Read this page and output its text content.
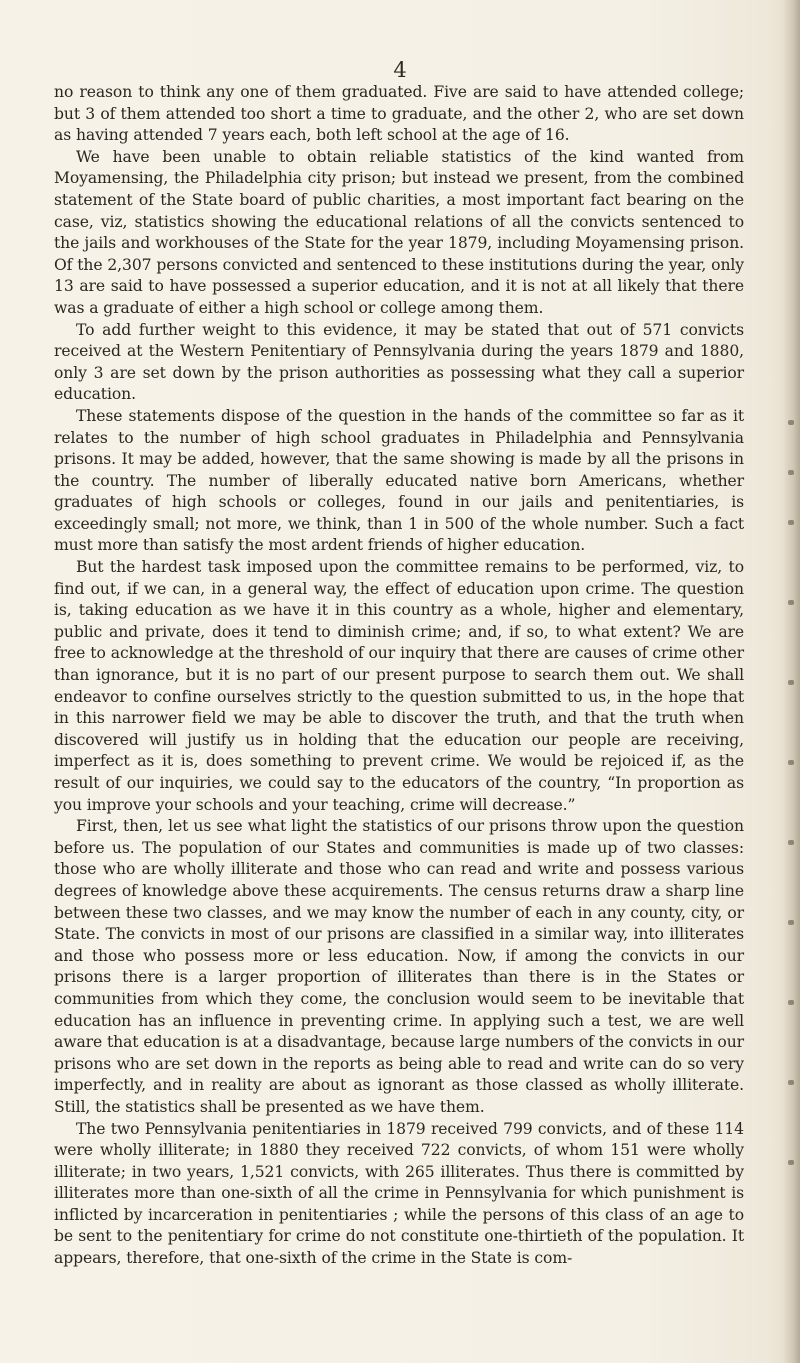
4

no reason to think any one of them graduated. Five are said to have attended college; but 3 of them attended too short a time to graduate, and the other 2, who are set down as having attended 7 years each, both left school at the age of 16.

We have been unable to obtain reliable statistics of the kind wanted from Moyamensing, the Philadelphia city prison; but instead we present, from the combined statement of the State board of public charities, a most important fact bearing on the case, viz, statistics showing the educational relations of all the convicts sentenced to the jails and workhouses of the State for the year 1879, including Moyamensing prison. Of the 2,307 persons convicted and sentenced to these institutions during the year, only 13 are said to have possessed a superior education, and it is not at all likely that there was a graduate of either a high school or college among them.

To add further weight to this evidence, it may be stated that out of 571 convicts received at the Western Penitentiary of Pennsylvania during the years 1879 and 1880, only 3 are set down by the prison authorities as possessing what they call a superior education.

These statements dispose of the question in the hands of the committee so far as it relates to the number of high school graduates in Philadelphia and Pennsylvania prisons. It may be added, however, that the same showing is made by all the prisons in the country. The number of liberally educated native born Americans, whether graduates of high schools or colleges, found in our jails and penitentiaries, is exceedingly small; not more, we think, than 1 in 500 of the whole number. Such a fact must more than satisfy the most ardent friends of higher education.

But the hardest task imposed upon the committee remains to be performed, viz, to find out, if we can, in a general way, the effect of education upon crime. The question is, taking education as we have it in this country as a whole, higher and elementary, public and private, does it tend to diminish crime; and, if so, to what extent? We are free to acknowledge at the threshold of our inquiry that there are causes of crime other than ignorance, but it is no part of our present purpose to search them out. We shall endeavor to confine ourselves strictly to the question submitted to us, in the hope that in this narrower field we may be able to discover the truth, and that the truth when discovered will justify us in holding that the education our people are receiving, imperfect as it is, does something to prevent crime. We would be rejoiced if, as the result of our inquiries, we could say to the educators of the country, “In proportion as you improve your schools and your teaching, crime will decrease.”

First, then, let us see what light the statistics of our prisons throw upon the question before us. The population of our States and communities is made up of two classes: those who are wholly illiterate and those who can read and write and possess various degrees of knowledge above these acquirements. The census returns draw a sharp line between these two classes, and we may know the number of each in any county, city, or State. The convicts in most of our prisons are classified in a similar way, into illiterates and those who possess more or less education. Now, if among the convicts in our prisons there is a larger proportion of illiterates than there is in the States or communities from which they come, the conclusion would seem to be inevitable that education has an influence in preventing crime. In applying such a test, we are well aware that education is at a disadvantage, because large numbers of the convicts in our prisons who are set down in the reports as being able to read and write can do so very imperfectly, and in reality are about as ignorant as those classed as wholly illiterate. Still, the statistics shall be presented as we have them.

The two Pennsylvania penitentiaries in 1879 received 799 convicts, and of these 114 were wholly illiterate; in 1880 they received 722 convicts, of whom 151 were wholly illiterate; in two years, 1,521 convicts, with 265 illiterates. Thus there is committed by illiterates more than one-sixth of all the crime in Pennsylvania for which punishment is inflicted by incarceration in penitentiaries ; while the persons of this class of an age to be sent to the penitentiary for crime do not constitute one-thirtieth of the population. It appears, therefore, that one-sixth of the crime in the State is com-
